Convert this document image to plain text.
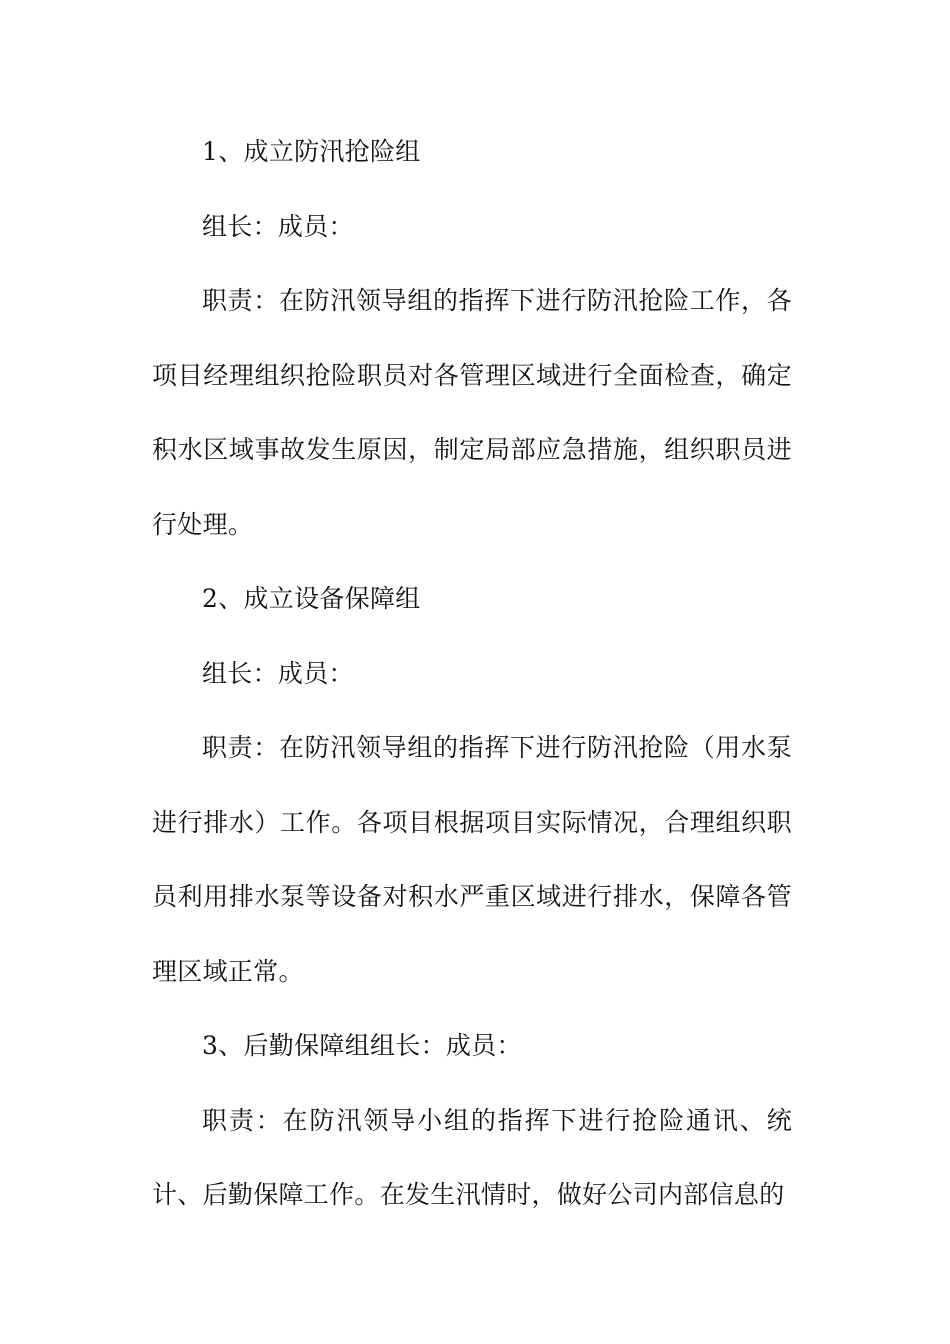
1、成立防汛抢险组

组长：成员：

职责：在防汛领导组的指挥下进行防汛抢险工作，各项目经理组织抢险职员对各管理区域进行全面检查，确定积水区域事故发生原因，制定局部应急措施，组织职员进行处理。

2、成立设备保障组

组长：成员：

职责：在防汛领导组的指挥下进行防汛抢险（用水泵进行排水）工作。各项目根据项目实际情况，合理组织职员利用排水泵等设备对积水严重区域进行排水，保障各管理区域正常。

3、后勤保障组组长：成员：

职责：在防汛领导小组的指挥下进行抢险通讯、统计、后勤保障工作。在发生汛情时，做好公司内部信息的
